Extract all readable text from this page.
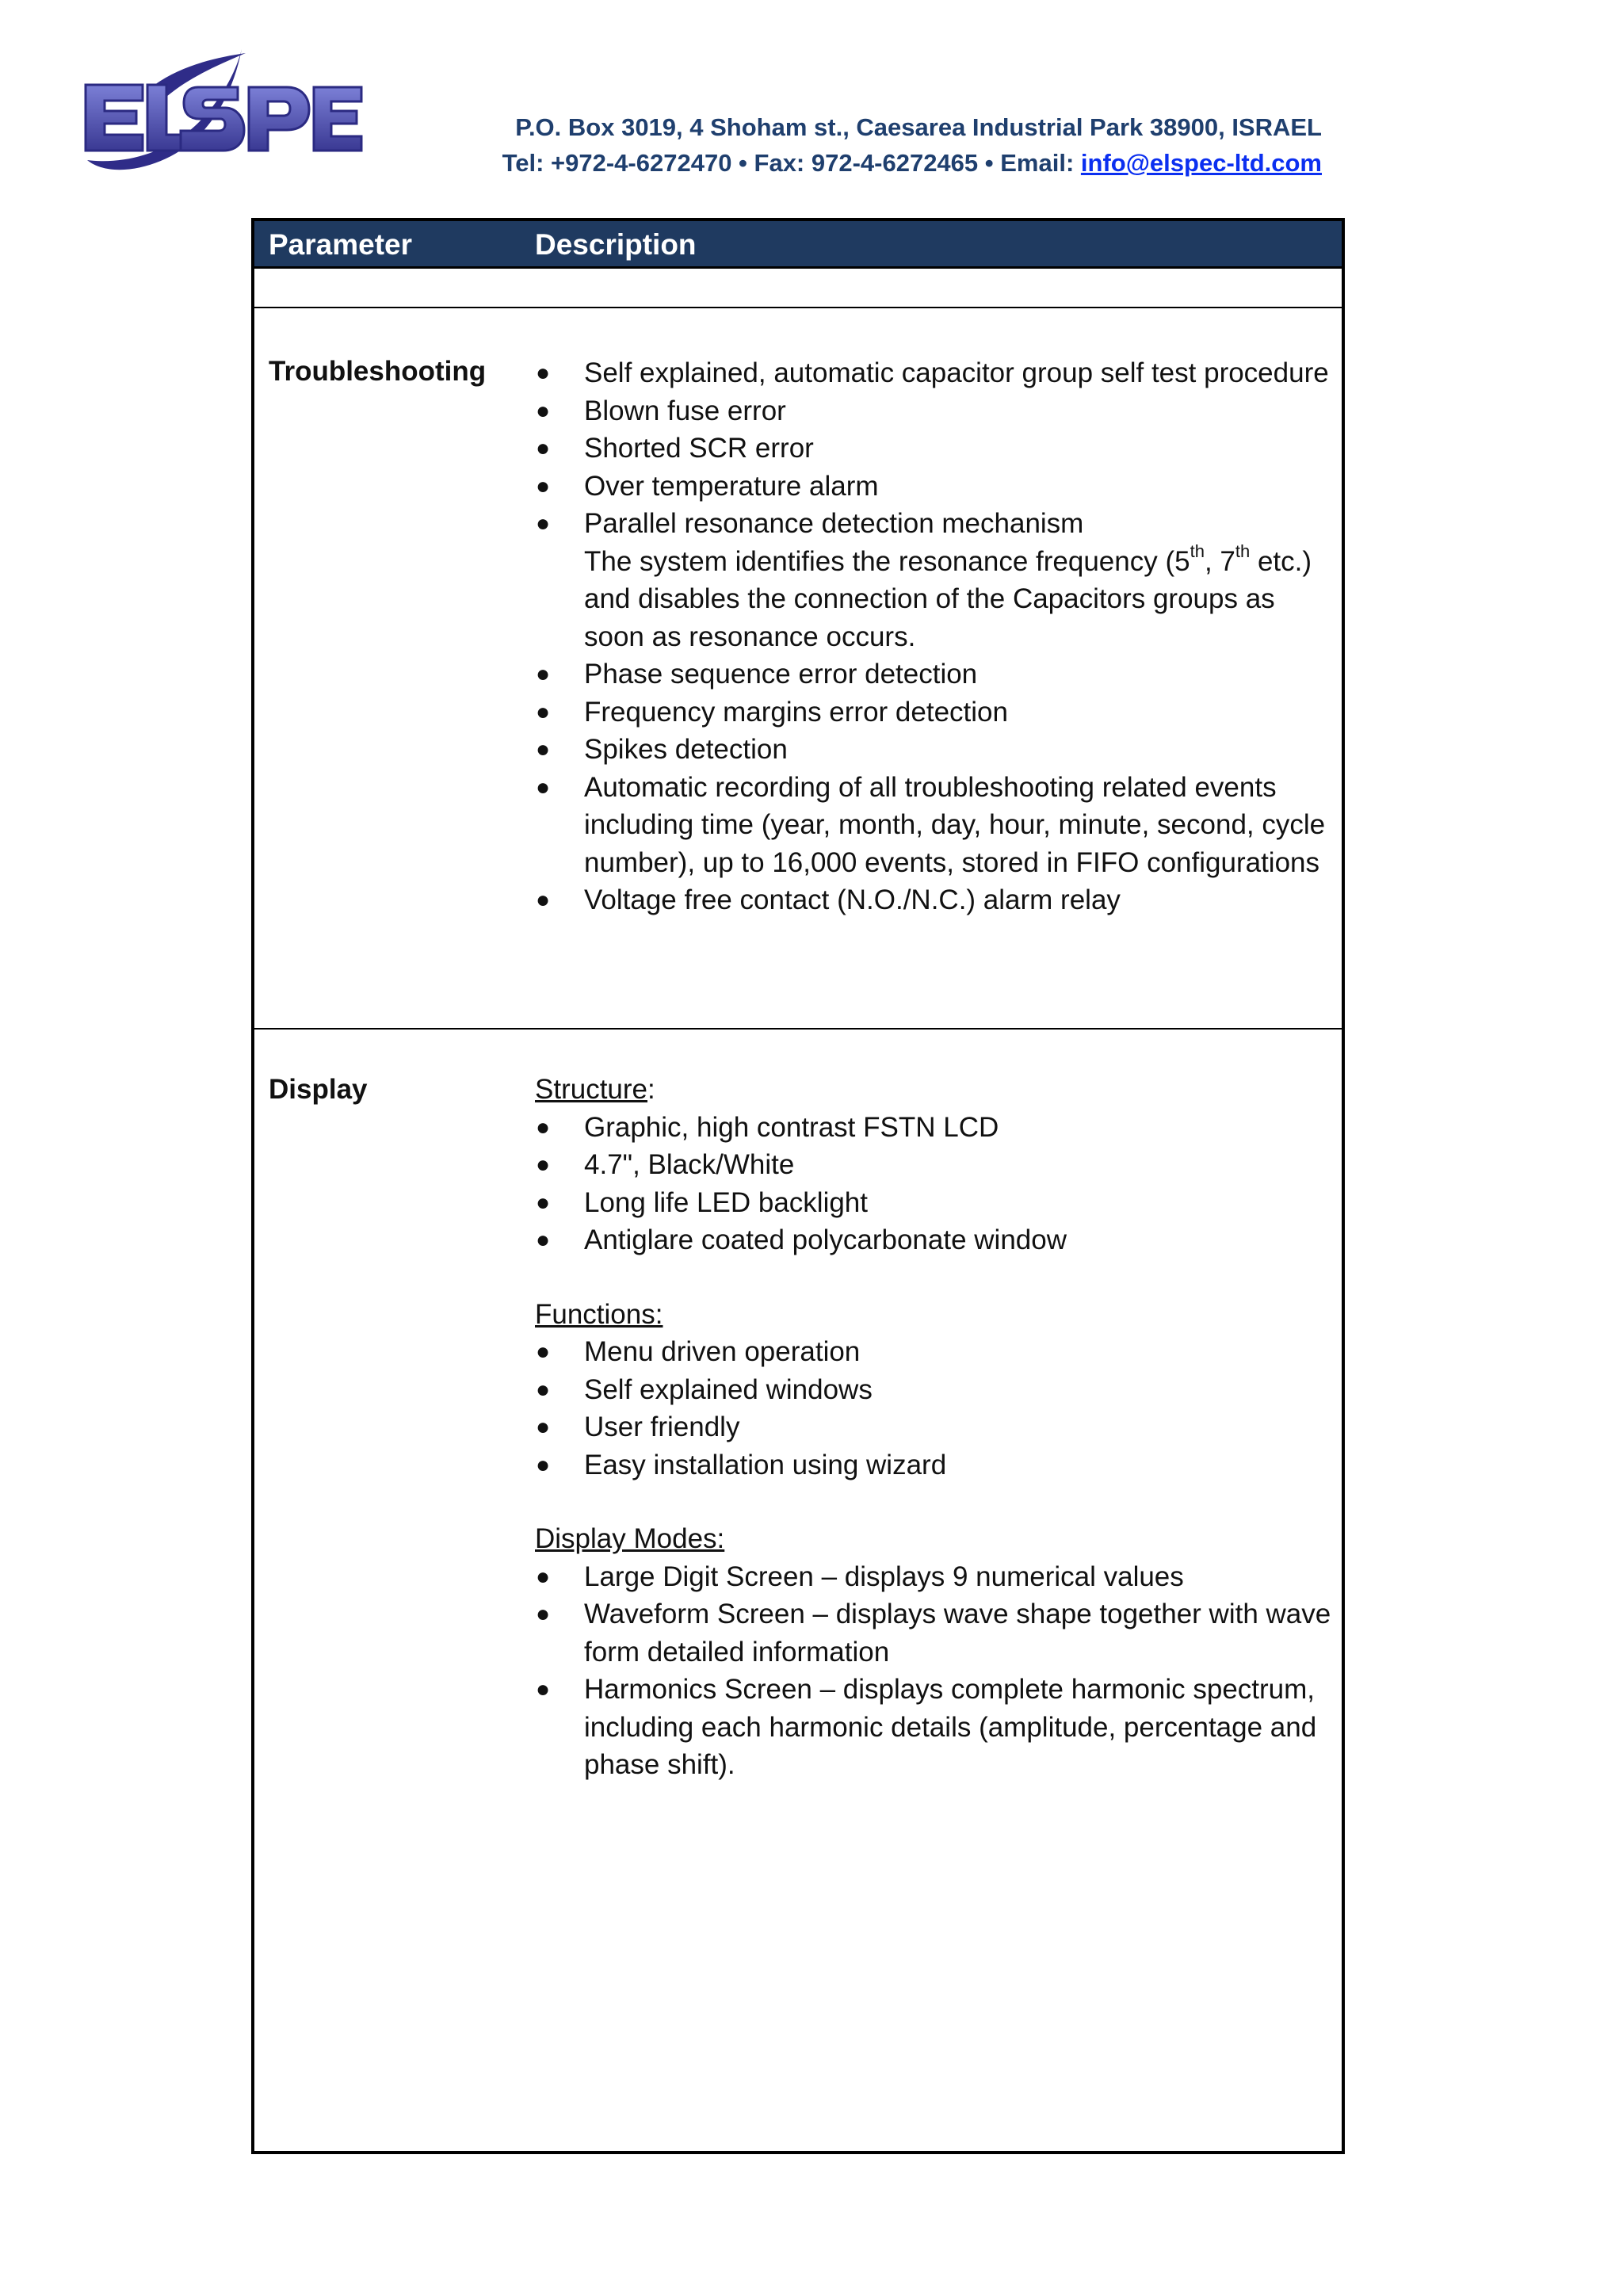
P.O. Box 3019, 4 Shoham st., Caesarea Industrial Park 38900, ISRAEL
Tel: +972-4-6272470 • Fax: 972-4-6272465 • Email: info@elspec-ltd.com
Parameter	Description
Troubleshooting ● Self explained, automatic capacitor group self test procedure
● Blown fuse error
● Shorted SCR error
● Over temperature alarm
● Parallel resonance detection mechanism
The system identifies the resonance frequency (5th, 7th etc.) and disables the connection of the Capacitors groups as soon as resonance occurs.
● Phase sequence error detection
● Frequency margins error detection
● Spikes detection
● Automatic recording of all troubleshooting related events including time (year, month, day, hour, minute, second, cycle number), up to 16,000 events, stored in FIFO configurations
● Voltage free contact (N.O./N.C.) alarm relay
Display	Structure:
● Graphic, high contrast FSTN LCD
● 4.7", Black/White
● Long life LED backlight
● Antiglare coated polycarbonate window
Functions:
● Menu driven operation
● Self explained windows
● User friendly
● Easy installation using wizard
Display Modes:
● Large Digit Screen – displays 9 numerical values
● Waveform Screen – displays wave shape together with wave form detailed information
● Harmonics Screen – displays complete harmonic spectrum, including each harmonic details (amplitude, percentage and phase shift).
